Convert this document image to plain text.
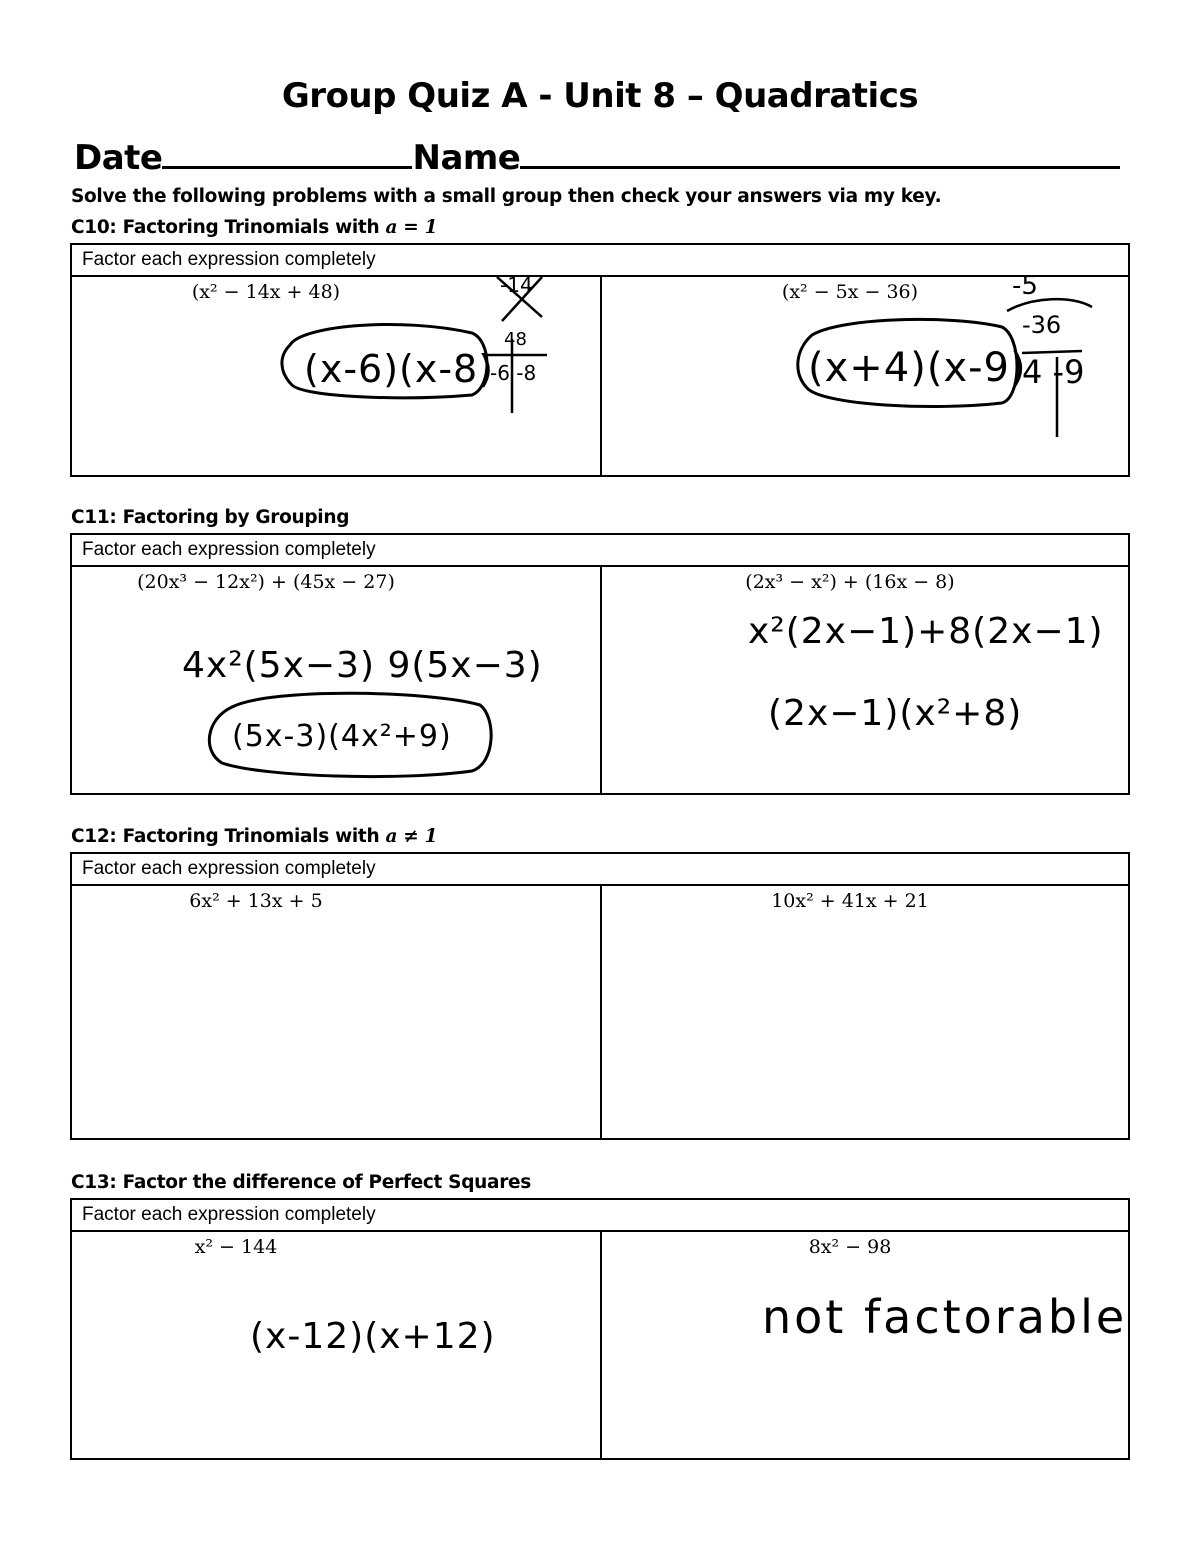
Group Quiz A - Unit 8 – Quadratics
Date	Name
Solve the following problems with a small group then check your answers via my key.
C10: Factoring Trinomials with a = 1
Factor each expression completely
(x² − 14x + 48)
(x-6)(x-8)
-14
48
-6 -8
(x² − 5x − 36)
(x+4)(x-9)
-5
-36
4 -9
C11: Factoring by Grouping
Factor each expression completely
(20x³ − 12x²) + (45x − 27)
4x²(5x−3) 9(5x−3)
(5x-3)(4x²+9)
(2x³ − x²) + (16x − 8)
x²(2x−1)+8(2x−1)
(2x−1)(x²+8)
C12: Factoring Trinomials with a ≠ 1
Factor each expression completely
6x² + 13x + 5	10x² + 41x + 21
C13: Factor the difference of Perfect Squares
Factor each expression completely
x² − 144
(x-12)(x+12)
8x² − 98
not factorable
